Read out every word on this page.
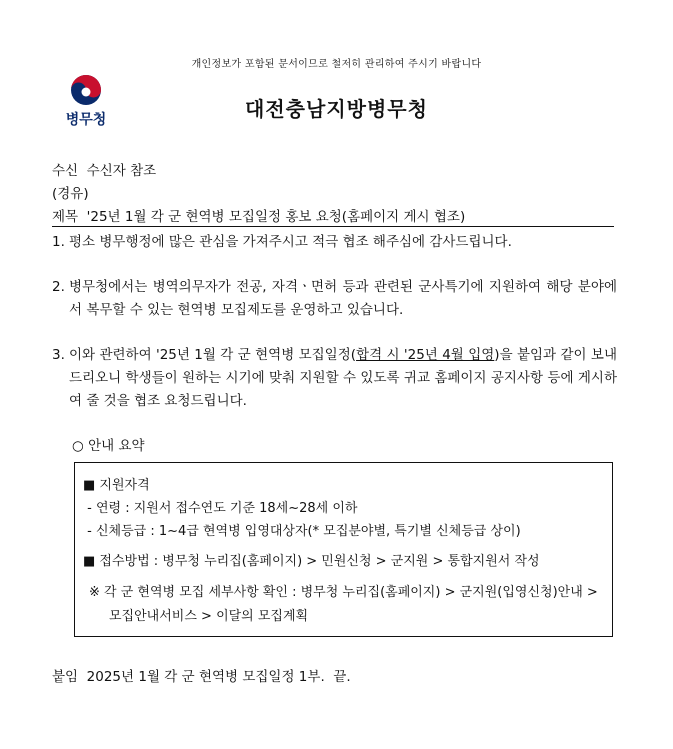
개인정보가 포함된 문서이므로 철저히 관리하여 주시기 바랍니다
병무청	대전충남지방병무청
수신  수신자 참조
(경유)
제목  '25년 1월 각 군 현역병 모집일정 홍보 요청(홈페이지 게시 협조)
1. 평소 병무행정에 많은 관심을 가져주시고 적극 협조 해주심에 감사드립니다.
2. 병무청에서는 병역의무자가 전공, 자격ㆍ면허 등과 관련된 군사특기에 지원하여 해당 분야에서 복무할 수 있는 현역병 모집제도를 운영하고 있습니다.
3. 이와 관련하여 '25년 1월 각 군 현역병 모집일정(합격 시 '25년 4월 입영)을 붙임과 같이 보내드리오니 학생들이 원하는 시기에 맞춰 지원할 수 있도록 귀교 홈페이지 공지사항 등에 게시하여 줄 것을 협조 요청드립니다.
○ 안내 요약
■ 지원자격
- 연령 : 지원서 접수연도 기준 18세~28세 이하
- 신체등급 : 1~4급 현역병 입영대상자(* 모집분야별, 특기별 신체등급 상이)
■ 접수방법 : 병무청 누리집(홈페이지) > 민원신청 > 군지원 > 통합지원서 작성
※ 각 군 현역병 모집 세부사항 확인 : 병무청 누리집(홈페이지) > 군지원(입영신청)안내 >
모집안내서비스 > 이달의 모집계획
붙임  2025년 1월 각 군 현역병 모집일정 1부.  끝.
